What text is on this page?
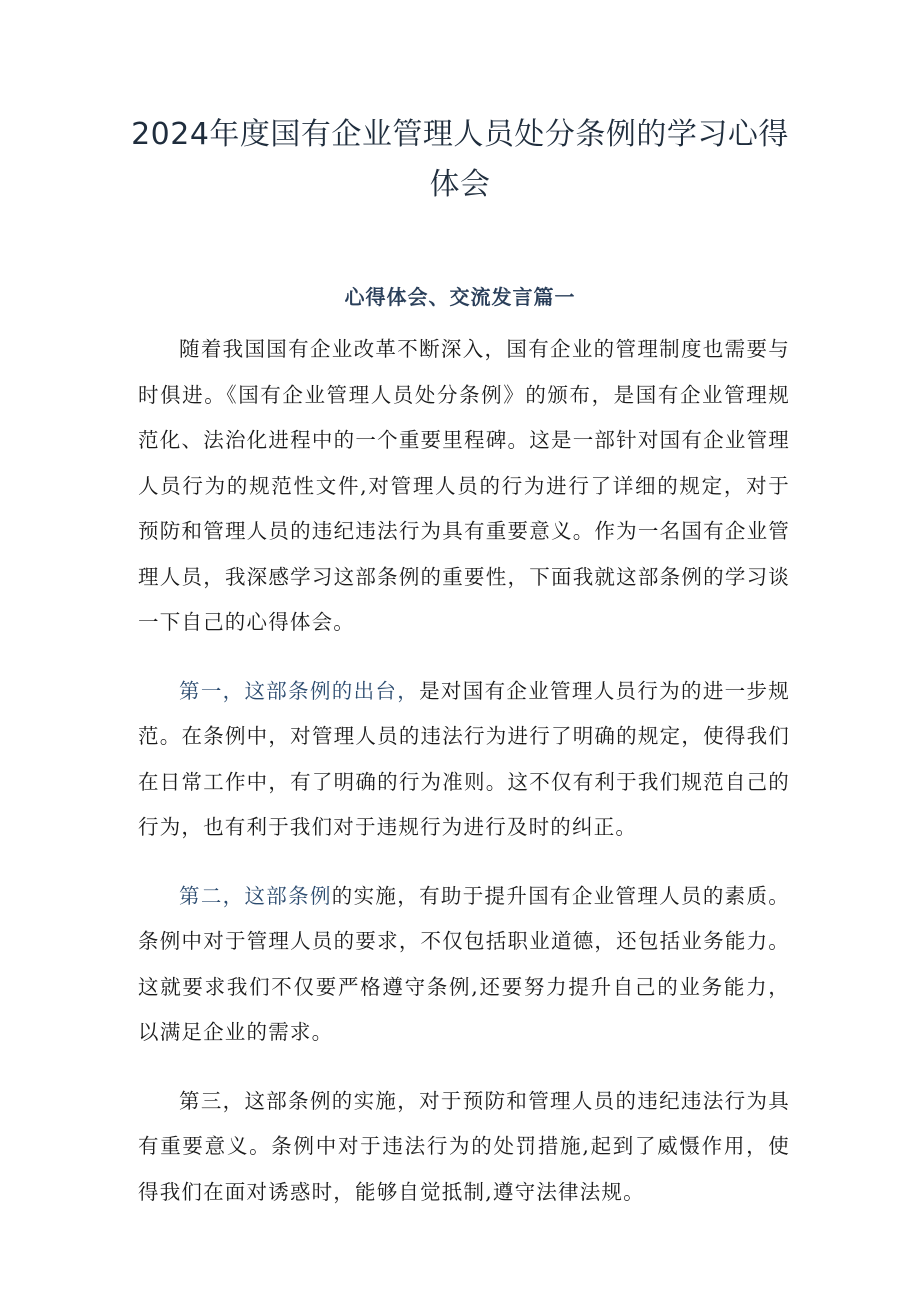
2024年度国有企业管理人员处分条例的学习心得体会
心得体会、交流发言篇一

随着我国国有企业改革不断深入，国有企业的管理制度也需要与时俱进。《国有企业管理人员处分条例》的颁布，是国有企业管理规范化、法治化进程中的一个重要里程碑。这是一部针对国有企业管理人员行为的规范性文件,对管理人员的行为进行了详细的规定，对于预防和管理人员的违纪违法行为具有重要意义。作为一名国有企业管理人员，我深感学习这部条例的重要性，下面我就这部条例的学习谈一下自己的心得体会。

第一，这部条例的出台，是对国有企业管理人员行为的进一步规范。在条例中，对管理人员的违法行为进行了明确的规定，使得我们在日常工作中，有了明确的行为准则。这不仅有利于我们规范自己的行为，也有利于我们对于违规行为进行及时的纠正。

第二，这部条例的实施，有助于提升国有企业管理人员的素质。条例中对于管理人员的要求，不仅包括职业道德，还包括业务能力。这就要求我们不仅要严格遵守条例,还要努力提升自己的业务能力，以满足企业的需求。

第三，这部条例的实施，对于预防和管理人员的违纪违法行为具有重要意义。条例中对于违法行为的处罚措施,起到了威慑作用，使得我们在面对诱惑时，能够自觉抵制,遵守法律法规。
